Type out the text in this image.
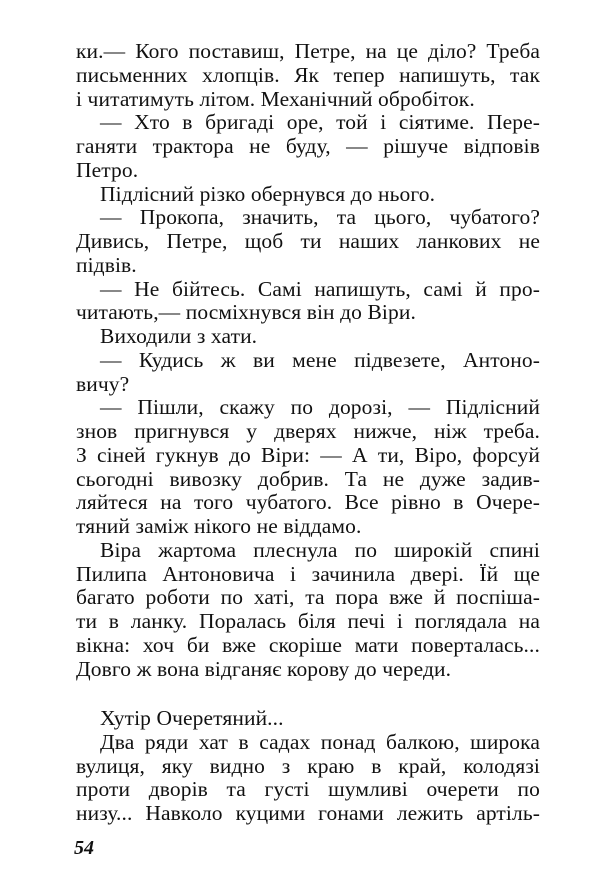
ки.— Кого поставиш, Петре, на це діло? Треба
письменних хлопців. Як тепер напишуть, так
і читатимуть літом. Механічний обробіток.
— Хто в бригаді оре, той і сіятиме. Пере-
ганяти трактора не буду, — рішуче відповів
Петро.
Підлісний різко обернувся до нього.
— Прокопа, значить, та цього, чубатого?
Дивись, Петре, щоб ти наших ланкових не
підвів.
— Не бійтесь. Самі напишуть, самі й про-
читають,— посміхнувся він до Віри.
Виходили з хати.
— Кудись ж ви мене підвезете, Антоно-
вичу?
— Пішли, скажу по дорозі, — Підлісний
знов пригнувся у дверях нижче, ніж треба.
З сіней гукнув до Віри: — А ти, Віро, форсуй
сьогодні вивозку добрив. Та не дуже задив-
ляйтеся на того чубатого. Все рівно в Очере-
тяний заміж нікого не віддамо.
Віра жартома плеснула по широкій спині
Пилипа Антоновича і зачинила двері. Їй ще
багато роботи по хаті, та пора вже й поспіша-
ти в ланку. Поралась біля печі і поглядала на
вікна: хоч би вже скоріше мати поверталась...
Довго ж вона відганяє корову до череди.
Хутір Очеретяний...
Два ряди хат в садах понад балкою, широка
вулиця, яку видно з краю в край, колодязі
проти дворів та густі шумливі очерети по
низу... Навколо куцими гонами лежить артіль-
54
